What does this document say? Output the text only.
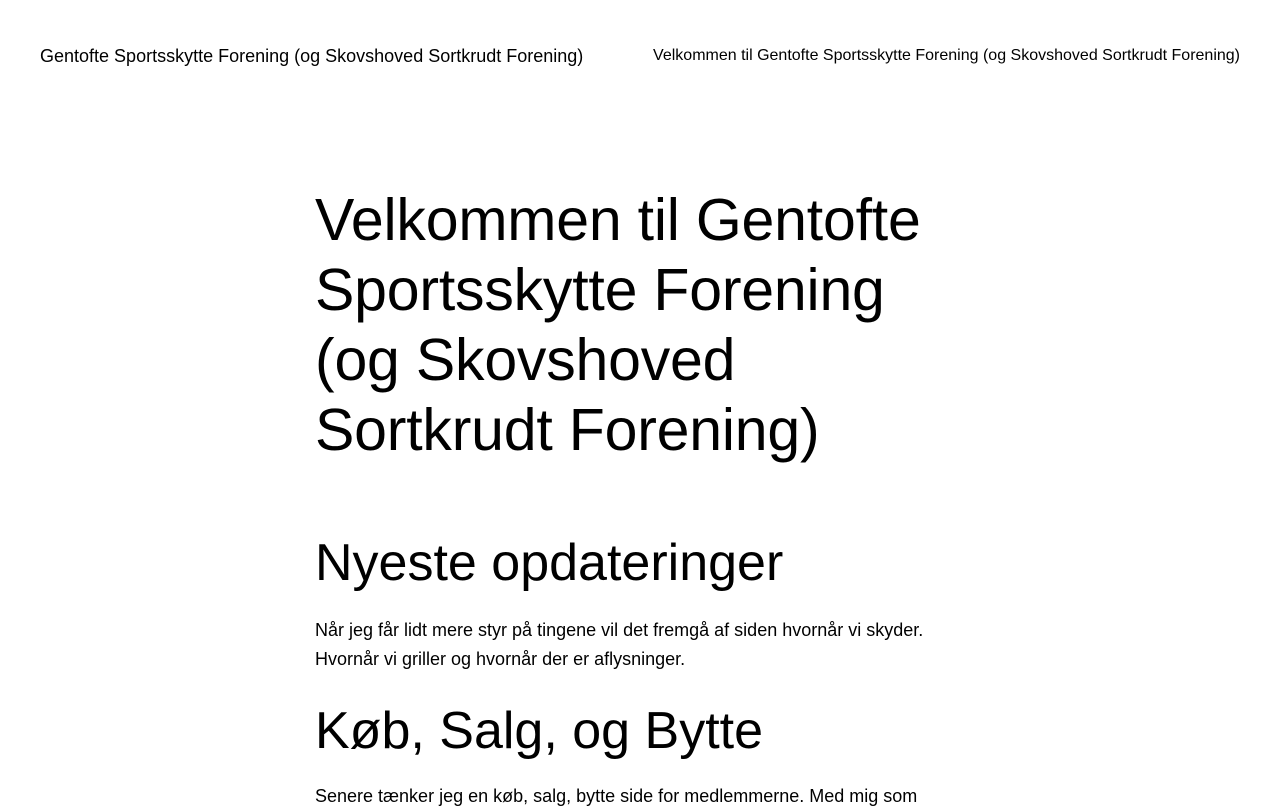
Gentofte Sportsskytte Forening (og Skovshoved Sortkrudt Forening)	Velkommen til Gentofte Sportsskytte Forening (og Skovshoved Sortkrudt Forening)
Velkommen til Gentofte Sportsskytte Forening (og Skovshoved Sortkrudt Forening)
Nyeste opdateringer

Når jeg får lidt mere styr på tingene vil det fremgå af siden hvornår vi skyder. Hvornår vi griller og hvornår der er aflysninger.

Køb, Salg, og Bytte

Senere tænker jeg en køb, salg, bytte side for medlemmerne. Med mig som
